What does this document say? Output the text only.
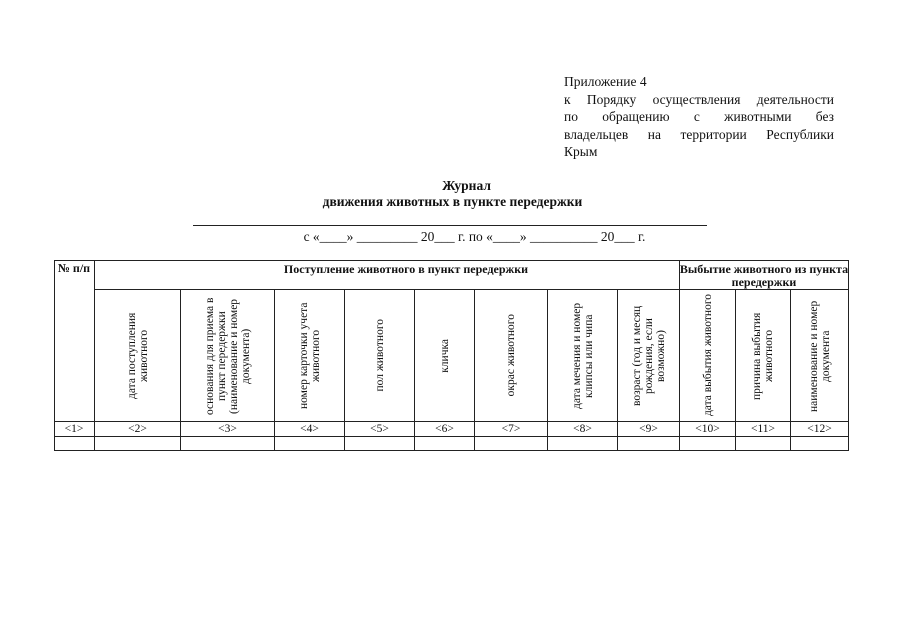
Приложение 4
к Порядку осуществления деятельности
по обращению с животными без
владельцев на территории Республики
Крым
Журнал
движения животных в пункте передержки
с «____» _________ 20___ г. по «____» __________ 20___ г.
№ п/п	Поступление животного в пункт передержки	Выбытие животного из пункта передержки
дата поступления животного	основания для приема в пункт передержки (наименование и номер документа)	номер карточки учета животного	пол животного	кличка	окрас животного	дата мечения и номер клипсы или чипа	возраст (год и месяц рождения, если возможно)	дата выбытия животного	причина выбытия животного	наименование и номер документа
<1>	<2>	<3>	<4>	<5>	<6>	<7>	<8>	<9>	<10>	<11>	<12>
